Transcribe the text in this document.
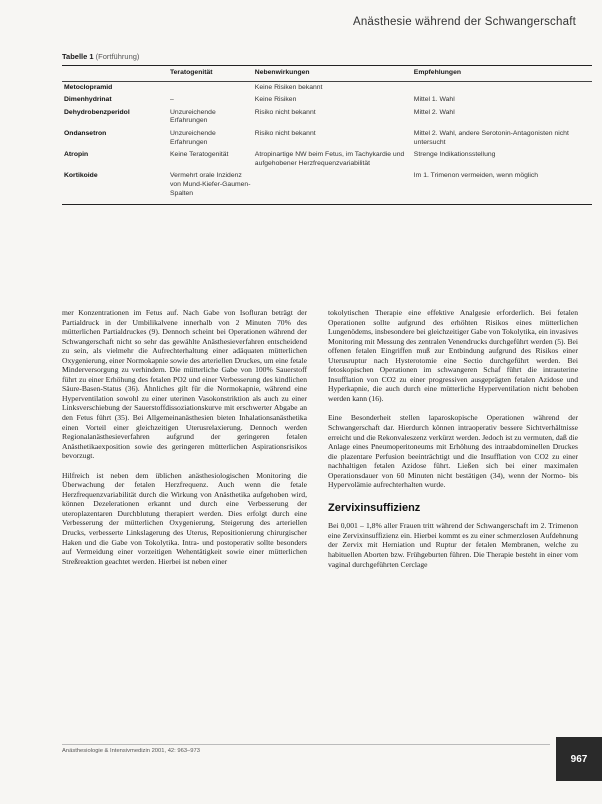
Anästhesie während der Schwangerschaft
Tabelle 1 (Fortführung)
	Teratogenität	Nebenwirkungen	Empfehlungen
Metoclopramid		Keine Risiken bekannt	
Dimenhydrinat	–	Keine Risiken	Mittel 1. Wahl
Dehydrobenzperidol	Unzureichende Erfahrungen	Risiko nicht bekannt	Mittel 2. Wahl
Ondansetron	Unzureichende Erfahrungen	Risiko nicht bekannt	Mittel 2. Wahl, andere Serotonin-Antagonisten nicht untersucht
Atropin	Keine Teratogenität	Atropinartige NW beim Fetus, im Tachykardie und aufgehobener Herzfrequenzvariabilität	Strenge Indikationsstellung
Kortikoide	Vermehrt orale Inzidenz von Mund-Kiefer-Gaumen-Spalten		Im 1. Trimenon vermeiden, wenn möglich

mer Konzentrationen im Fetus auf. Nach Gabe von Isofluran beträgt der Partialdruck in der Umbilikalvene innerhalb von 2 Minuten 70% des mütterlichen Partialdruckes (9). Dennoch scheint bei Operationen während der Schwangerschaft nicht so sehr das gewählte Anästhesieverfahren entscheidend zu sein, als vielmehr die Aufrechterhaltung einer adäquaten mütterlichen Oxygenierung, einer Normokapnie sowie des arteriellen Druckes, um eine fetale Minderversorgung zu verhindern. Die mütterliche Gabe von 100% Sauerstoff führt zu einer Erhöhung des fetalen PO2 und einer Verbesserung des kindlichen Säure-Basen-Status (36). Ähnliches gilt für die Normokapnie, während eine Hyperventilation sowohl zu einer uterinen Vasokonstriktion als auch zu einer Linksverschiebung der Sauerstoffdissoziationskurve mit erschwerter Abgabe an den Fetus führt (35). Bei Allgemeinanästhesien bieten Inhalationsanästhetika einen Vorteil einer gleichzeitigen Uterusrelaxierung. Dennoch werden Regionalanästhesieverfahren aufgrund der geringeren fetalen Anästhetikaexposition sowie des geringeren mütterlichen Aspirationsrisikos bevorzugt.

Hilfreich ist neben dem üblichen anästhesiologischen Monitoring die Überwachung der fetalen Herzfrequenz. Auch wenn die fetale Herzfrequenzvariabilität durch die Wirkung von Anästhetika aufgehoben wird, können Dezelerationen erkannt und durch eine Verbesserung der uteroplazentaren Durchblutung therapiert werden. Dies erfolgt durch eine Verbesserung der mütterlichen Oxygenierung, Steigerung des arteriellen Drucks, verbesserte Linkslagerung des Uterus, Repositionierung chirurgischer Haken und die Gabe von Tokolytika. Intra- und postoperativ sollte besonders auf Vermeidung einer vorzeitigen Wehentätigkeit sowie einer mütterlichen Streßreaktion geachtet werden. Hierbei ist neben einer

tokolytischen Therapie eine effektive Analgesie erforderlich. Bei fetalen Operationen sollte aufgrund des erhöhten Risikos eines mütterlichen Lungenödems, insbesondere bei gleichzeitiger Gabe von Tokolytika, ein invasives Monitoring mit Messung des zentralen Venendrucks durchgeführt werden (5). Bei offenen fetalen Eingriffen muß zur Entbindung aufgrund des Risikos einer Uterusruptur nach Hysterotomie eine Sectio durchgeführt werden. Bei fetoskopischen Operationen im schwangeren Schaf führt die intrauterine Insufflation von CO2 zu einer progressiven ausgeprägten fetalen Azidose und Hyperkapnie, die auch durch eine mütterliche Hyperventilation nicht behoben werden kann (16).

Eine Besonderheit stellen laparoskopische Operationen während der Schwangerschaft dar. Hierdurch können intraoperativ bessere Sichtverhältnisse erreicht und die Rekonvaleszenz verkürzt werden. Jedoch ist zu vermuten, daß die Anlage eines Pneumoperitoneums mit Erhöhung des intraabdominellen Druckes die plazentare Perfusion beeinträchtigt und die Insufflation von CO2 zu einer nachhaltigen fetalen Azidose führt. Ließen sich bei einer maximalen Operationsdauer von 60 Minuten nicht bestätigen (34), wenn der Normo- bis Hypervolämie aufrechterhalten wurde.

Zervixinsuffizienz

Bei 0,001 – 1,8% aller Frauen tritt während der Schwangerschaft im 2. Trimenon eine Zervixinsuffizienz ein. Hierbei kommt es zu einer schmerzlosen Aufdehnung der Zervix mit Herniation und Ruptur der fetalen Membranen, welche zu habituellen Aborten bzw. Frühgeburten führen. Die Therapie besteht in einer vom vaginal durchgeführten Cerclage

Anästhesiologie & Intensivmedizin 2001, 42: 963–973
967
